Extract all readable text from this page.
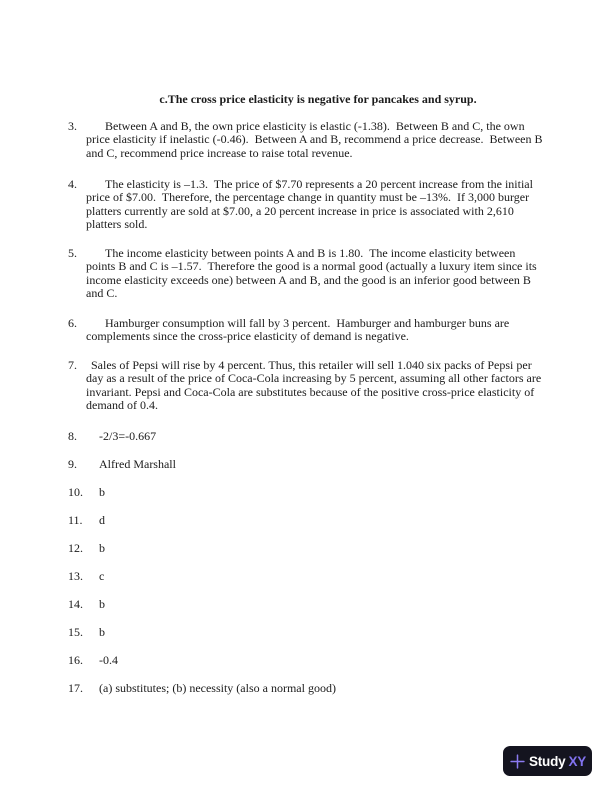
c.The cross price elasticity is negative for pancakes and syrup.
3.	Between A and B, the own price elasticity is elastic (-1.38).  Between B and C, the own price elasticity if inelastic (-0.46).  Between A and B, recommend a price decrease.  Between B and C, recommend price increase to raise total revenue.
4.	The elasticity is –1.3.  The price of $7.70 represents a 20 percent increase from the initial price of $7.00.  Therefore, the percentage change in quantity must be –13%.  If 3,000 burger platters currently are sold at $7.00, a 20 percent increase in price is associated with 2,610 platters sold.
5.	The income elasticity between points A and B is 1.80.  The income elasticity between points B and C is –1.57.  Therefore the good is a normal good (actually a luxury item since its income elasticity exceeds one) between A and B, and the good is an inferior good between B and C.
6.	Hamburger consumption will fall by 3 percent.  Hamburger and hamburger buns are complements since the cross-price elasticity of demand is negative.
7.	Sales of Pepsi will rise by 4 percent. Thus, this retailer will sell 1.040 six packs of Pepsi per day as a result of the price of Coca-Cola increasing by 5 percent, assuming all other factors are invariant. Pepsi and Coca-Cola are substitutes because of the positive cross-price elasticity of demand of 0.4.
8. -2/3=-0.667
9. Alfred Marshall
10. b
11. d
12. b
13. c
14. b
15. b
16. -0.4
17. (a) substitutes; (b) necessity (also a normal good)
Study XY
